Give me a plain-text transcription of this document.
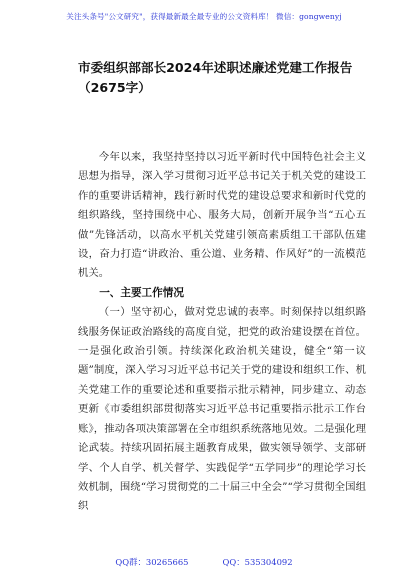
关注头条号"公文研究"，获得最新最全最专业的公文资料库！ 微信：gongwenyj
市委组织部部长2024年述职述廉述党建工作报告（2675字）

今年以来，我坚持坚持以习近平新时代中国特色社会主义思想为指导，深入学习贯彻习近平总书记关于机关党的建设工作的重要讲话精神，践行新时代党的建设总要求和新时代党的组织路线，坚持围绕中心、服务大局，创新开展争当“五心五做”先锋活动，以高水平机关党建引领高素质组工干部队伍建设，奋力打造“讲政治、重公道、业务精、作风好”的一流模范机关。

一、主要工作情况

（一）坚守初心，做对党忠诚的表率。时刻保持以组织路线服务保证政治路线的高度自觉，把党的政治建设摆在首位。一是强化政治引领。持续深化政治机关建设，健全“第一议题”制度，深入学习习近平总书记关于党的建设和组织工作、机关党建工作的重要论述和重要指示批示精神，同步建立、动态更新《市委组织部贯彻落实习近平总书记重要指示批示工作台账》，推动各项决策部署在全市组织系统落地见效。二是强化理论武装。持续巩固拓展主题教育成果，做实领导领学、支部研学、个人自学、机关督学、实践促学“五学同步”的理论学习长效机制，围绕“学习贯彻党的二十届三中全会”“学习贯彻全国组织

QQ群：30265665	QQ：535304092
